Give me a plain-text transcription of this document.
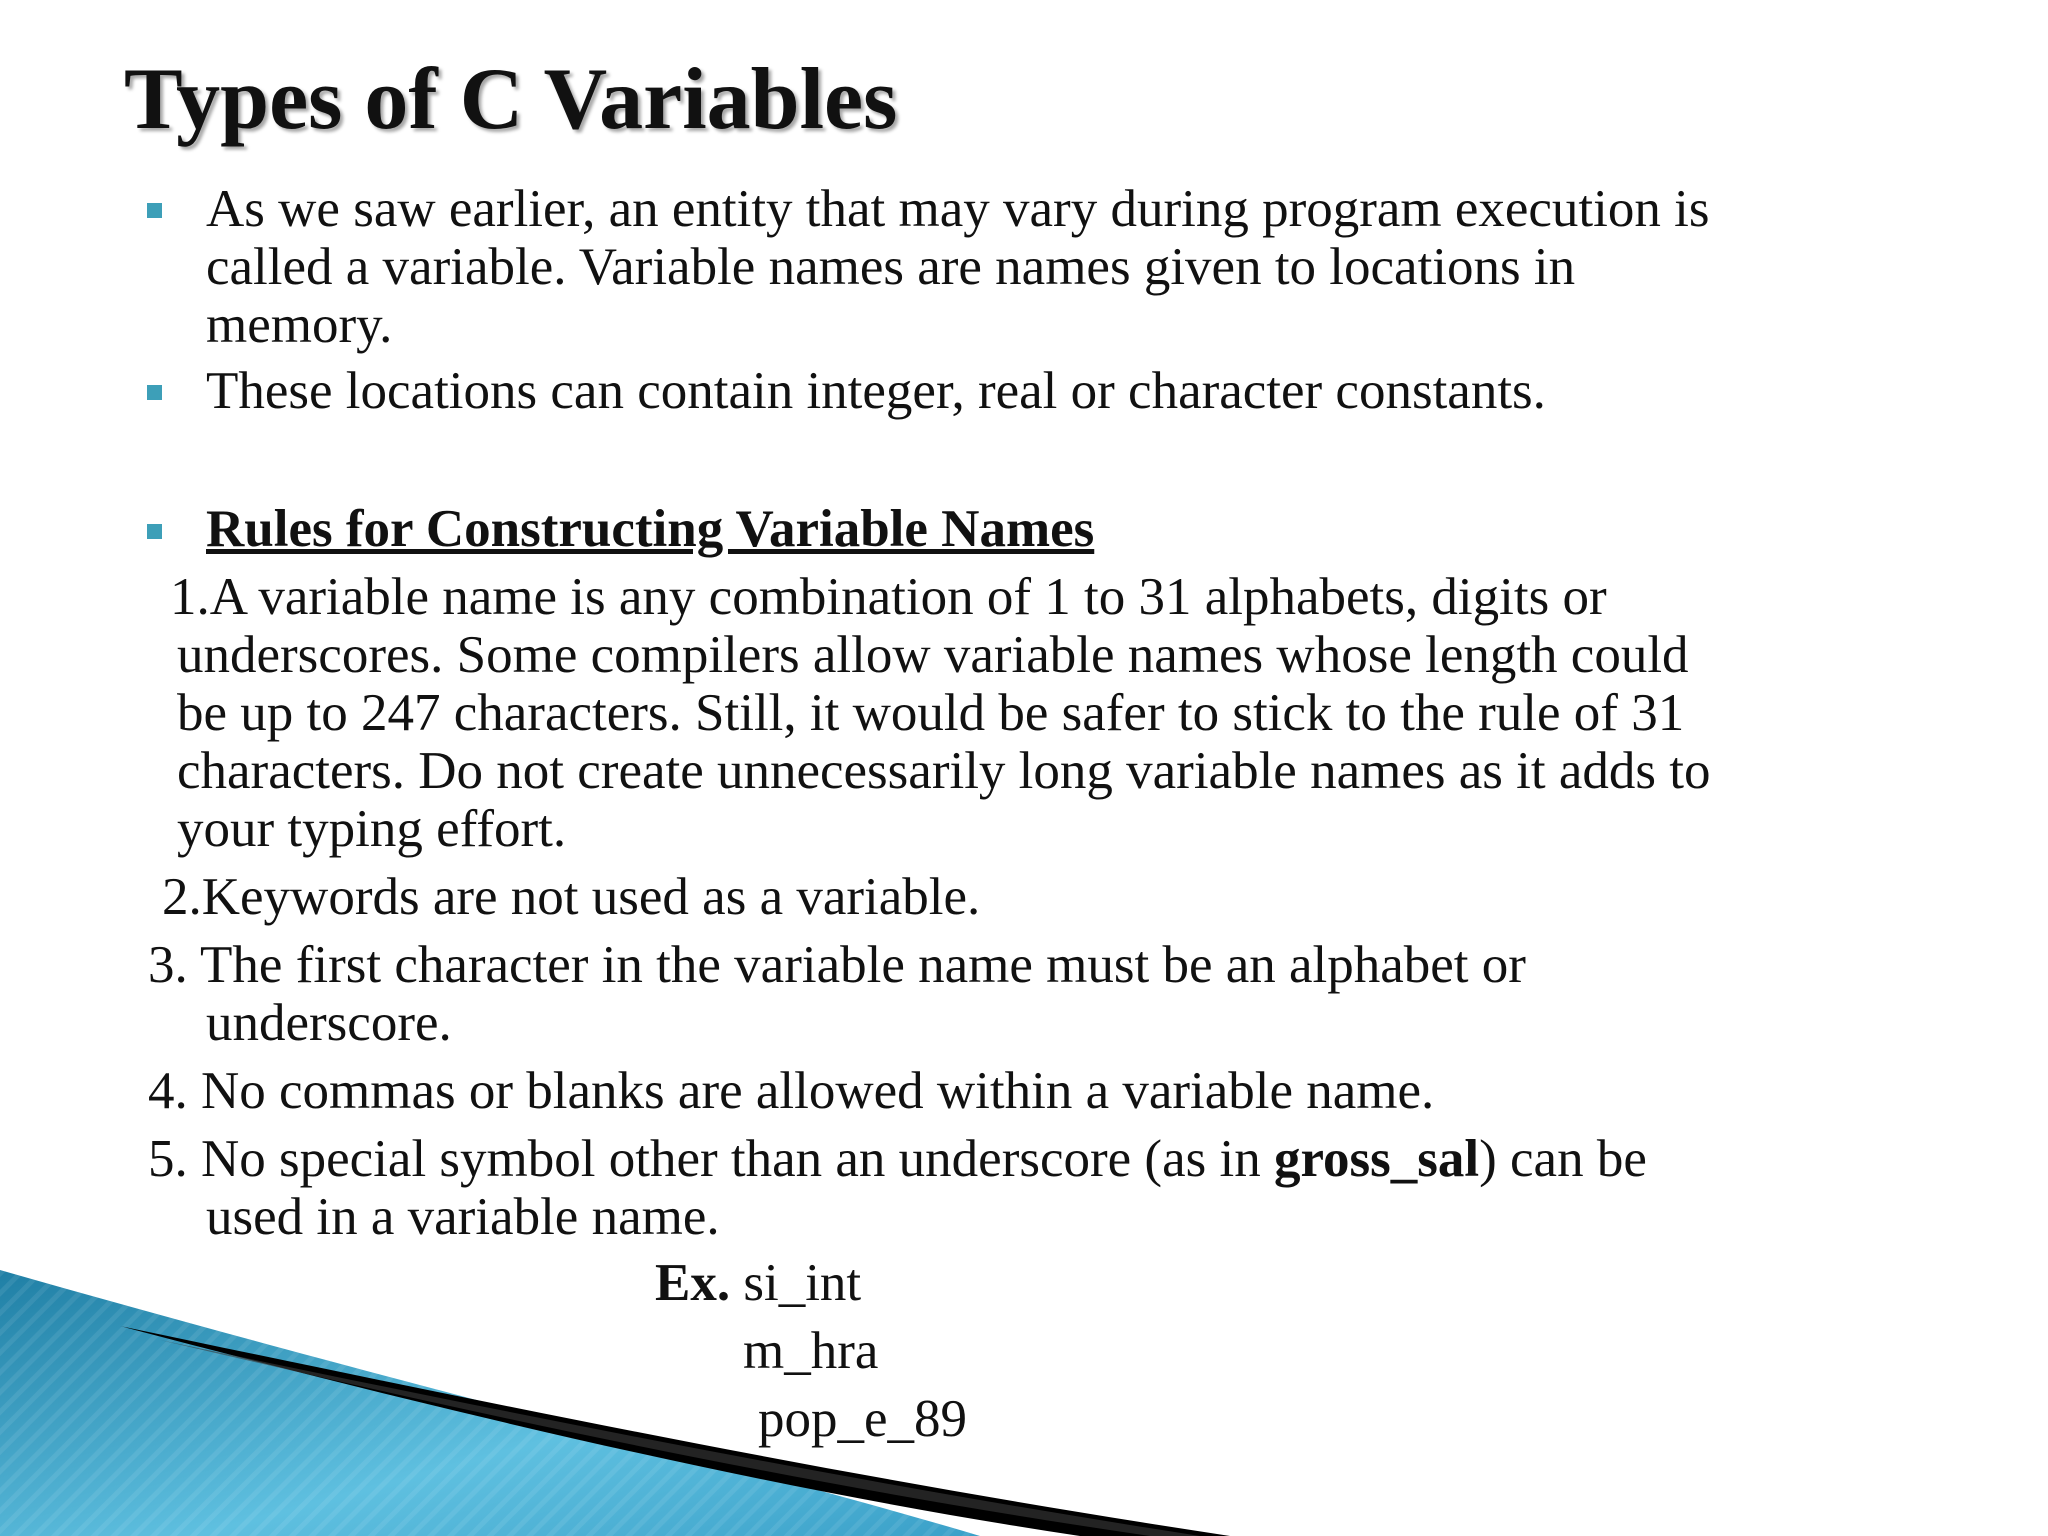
Types of C Variables
As we saw earlier, an entity that may vary during program execution is
called a variable. Variable names are names given to locations in
memory.
These locations can contain integer, real or character constants.
Rules for Constructing Variable Names
1.A variable name is any combination of 1 to 31 alphabets, digits or
underscores. Some compilers allow variable names whose length could
be up to 247 characters. Still, it would be safer to stick to the rule of 31
characters. Do not create unnecessarily long variable names as it adds to
your typing effort.
2.Keywords are not used as a variable.
3. The first character in the variable name must be an alphabet or
underscore.
4. No commas or blanks are allowed within a variable name.
5. No special symbol other than an underscore (as in gross_sal) can be
used in a variable name.
Ex. si_int
m_hra
pop_e_89
